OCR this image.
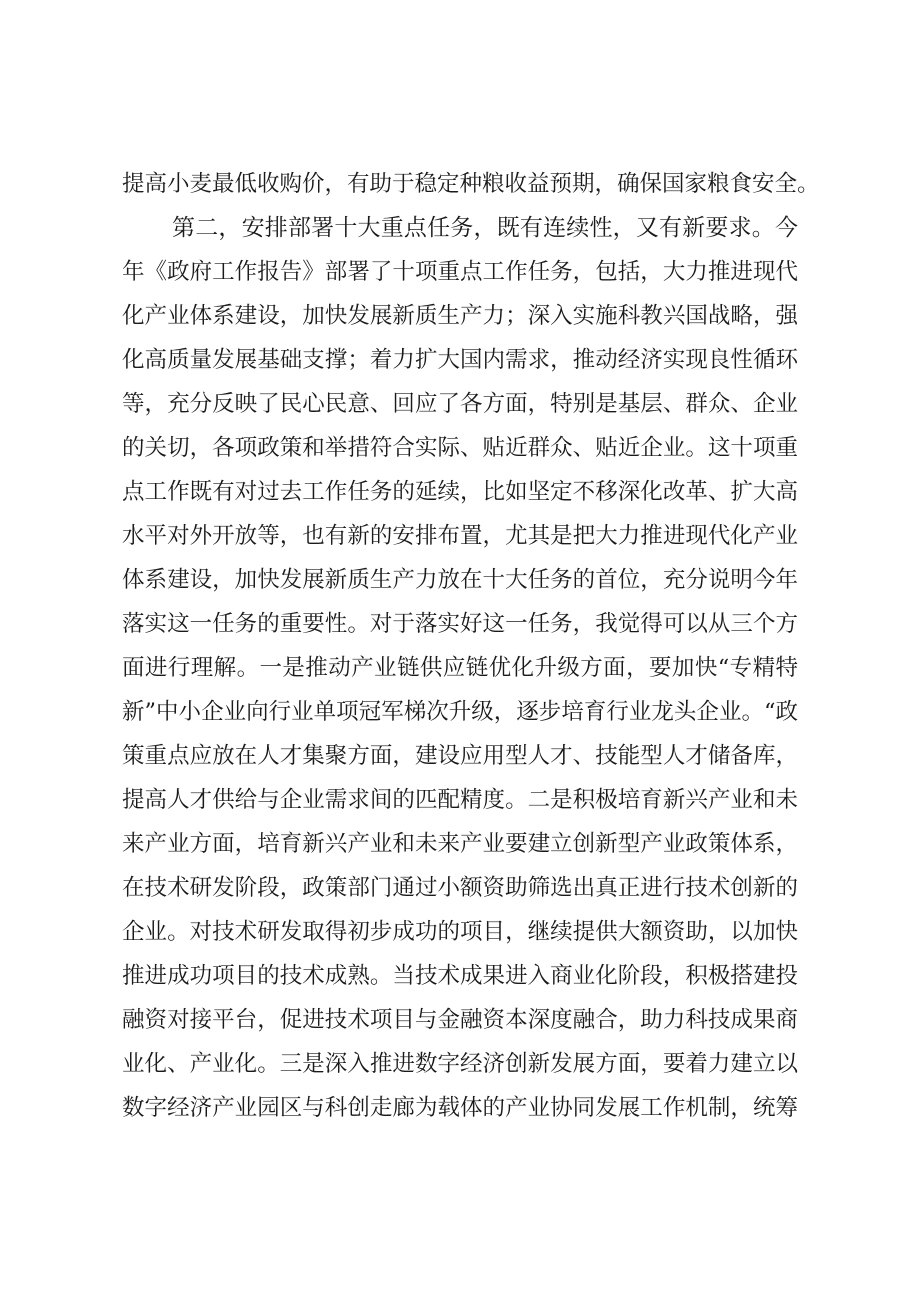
提高小麦最低收购价，有助于稳定种粮收益预期，确保国家粮食安全。
第二，安排部署十大重点任务，既有连续性，又有新要求。今
年《政府工作报告》部署了十项重点工作任务，包括，大力推进现代
化产业体系建设，加快发展新质生产力；深入实施科教兴国战略，强
化高质量发展基础支撑；着力扩大国内需求，推动经济实现良性循环
等，充分反映了民心民意、回应了各方面，特别是基层、群众、企业
的关切，各项政策和举措符合实际、贴近群众、贴近企业。这十项重
点工作既有对过去工作任务的延续，比如坚定不移深化改革、扩大高
水平对外开放等，也有新的安排布置，尤其是把大力推进现代化产业
体系建设，加快发展新质生产力放在十大任务的首位，充分说明今年
落实这一任务的重要性。对于落实好这一任务，我觉得可以从三个方
面进行理解。一是推动产业链供应链优化升级方面，要加快“专精特
新”中小企业向行业单项冠军梯次升级，逐步培育行业龙头企业。“政
策重点应放在人才集聚方面，建设应用型人才、技能型人才储备库，
提高人才供给与企业需求间的匹配精度。二是积极培育新兴产业和未
来产业方面，培育新兴产业和未来产业要建立创新型产业政策体系，
在技术研发阶段，政策部门通过小额资助筛选出真正进行技术创新的
企业。对技术研发取得初步成功的项目，继续提供大额资助，以加快
推进成功项目的技术成熟。当技术成果进入商业化阶段，积极搭建投
融资对接平台，促进技术项目与金融资本深度融合，助力科技成果商
业化、产业化。三是深入推进数字经济创新发展方面，要着力建立以
数字经济产业园区与科创走廊为载体的产业协同发展工作机制，统筹
